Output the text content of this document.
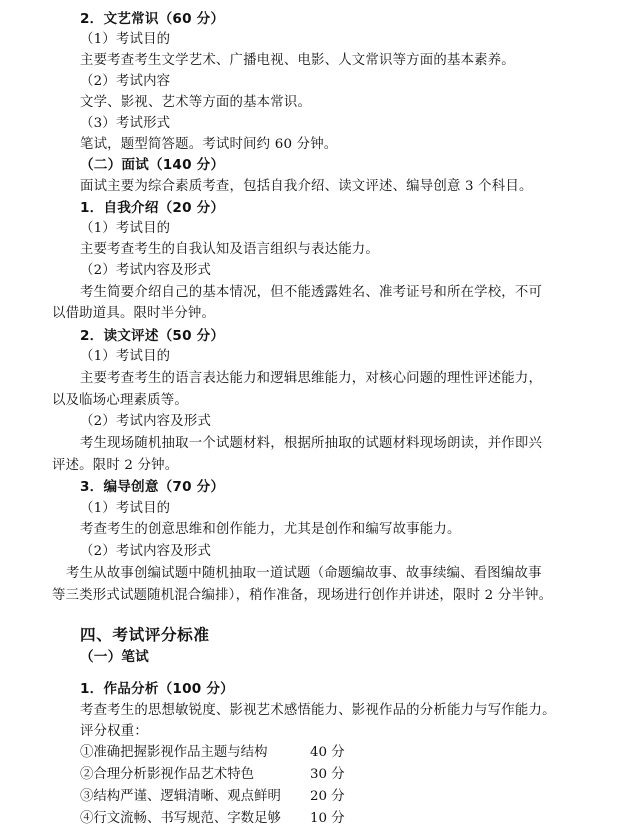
2．文艺常识（60 分）
（1）考试目的
主要考查考生文学艺术、广播电视、电影、人文常识等方面的基本素养。
（2）考试内容
文学、影视、艺术等方面的基本常识。
（3）考试形式
笔试，题型简答题。考试时间约 60 分钟。
（二）面试（140 分）
面试主要为综合素质考查，包括自我介绍、读文评述、编导创意 3 个科目。
1．自我介绍（20 分）
（1）考试目的
主要考查考生的自我认知及语言组织与表达能力。
（2）考试内容及形式
考生简要介绍自己的基本情况，但不能透露姓名、准考证号和所在学校，不可
以借助道具。限时半分钟。
2．读文评述（50 分）
（1）考试目的
主要考查考生的语言表达能力和逻辑思维能力，对核心问题的理性评述能力，
以及临场心理素质等。
（2）考试内容及形式
考生现场随机抽取一个试题材料，根据所抽取的试题材料现场朗读，并作即兴
评述。限时 2 分钟。
3．编导创意（70 分）
（1）考试目的
考查考生的创意思维和创作能力，尤其是创作和编写故事能力。
（2）考试内容及形式
考生从故事创编试题中随机抽取一道试题（命题编故事、故事续编、看图编故事
等三类形式试题随机混合编排），稍作准备，现场进行创作并讲述，限时 2 分半钟。
四、考试评分标准
（一）笔试
1．作品分析（100 分）
考查考生的思想敏锐度、影视艺术感悟能力、影视作品的分析能力与写作能力。
评分权重：
①准确把握影视作品主题与结构	40 分
②合理分析影视作品艺术特色	30 分
③结构严谨、逻辑清晰、观点鲜明 20 分
④行文流畅、书写规范、字数足够 10 分
